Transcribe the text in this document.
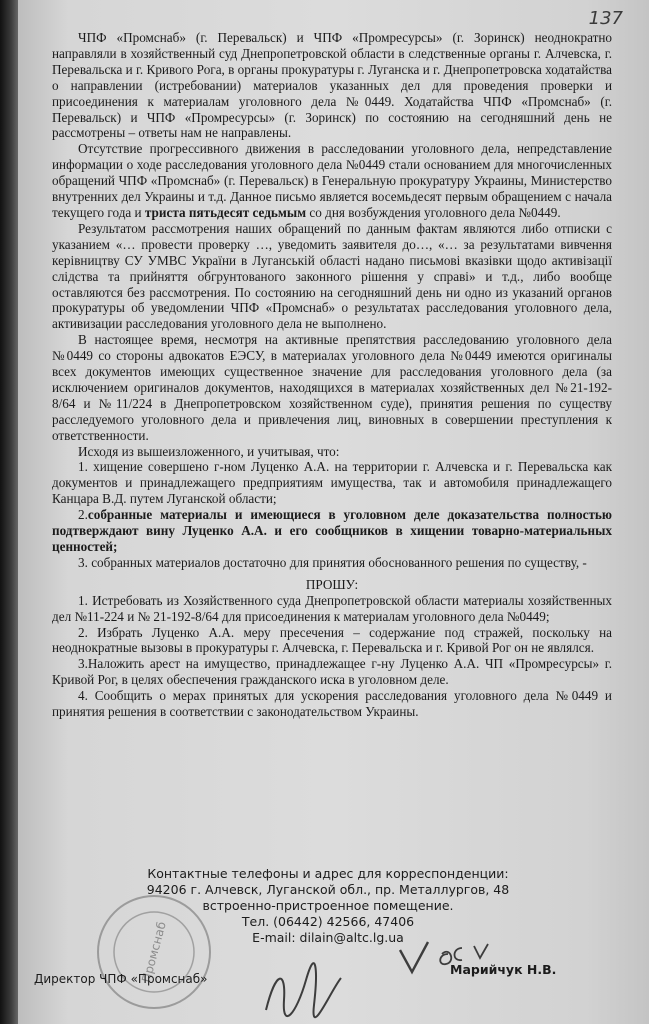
137

ЧПФ «Промснаб» (г. Перевальск) и ЧПФ «Промресурсы» (г. Зоринск) неоднократно направляли в хозяйственный суд Днепропетровской области в следственные органы г. Алчевска, г. Перевальска и г. Кривого Рога, в органы прокуратуры г. Луганска и г. Днепропетровска ходатайства о направлении (истребовании) материалов указанных дел для проведения проверки и присоединения к материалам уголовного дела №0449. Ходатайства ЧПФ «Промснаб» (г. Перевальск) и ЧПФ «Промресурсы» (г. Зоринск) по состоянию на сегодняшний день не рассмотрены – ответы нам не направлены.

Отсутствие прогрессивного движения в расследовании уголовного дела, непредставление информации о ходе расследования уголовного дела №0449 стали основанием для многочисленных обращений ЧПФ «Промснаб» (г. Перевальск) в Генеральную прокуратуру Украины, Министерство внутренних дел Украины и т.д. Данное письмо является восемьдесят первым обращением с начала текущего года и триста пятьдесят седьмым со дня возбуждения уголовного дела №0449.

Результатом рассмотрения наших обращений по данным фактам являются либо отписки с указанием «… провести проверку …, уведомить заявителя до…, «… за результатами вивчення керівництву СУ УМВС України в Луганській області надано письмові вказівки щодо активізації слідства та прийняття обгрунтованого законного рішення у справі» и т.д., либо вообще оставляются без рассмотрения. По состоянию на сегодняшний день ни одно из указаний органов прокуратуры об уведомлении ЧПФ «Промснаб» о результатах расследования уголовного дела, активизации расследования уголовного дела не выполнено.

В настоящее время, несмотря на активные препятствия расследованию уголовного дела №0449 со стороны адвокатов ЕЭСУ, в материалах уголовного дела №0449 имеются оригиналы всех документов имеющих существенное значение для расследования уголовного дела (за исключением оригиналов документов, находящихся в материалах хозяйственных дел №21-192-8/64 и №11/224 в Днепропетровском хозяйственном суде), принятия решения по существу расследуемого уголовного дела и привлечения лиц, виновных в совершении преступления к ответственности.

Исходя из вышеизложенного, и учитывая, что:

1. хищение совершено г-ном Луценко А.А. на территории г. Алчевска и г. Перевальска как документов и принадлежащего предприятиям имущества, так и автомобиля принадлежащего Канцара В.Д. путем Луганской области;

2.собранные материалы и имеющиеся в уголовном деле доказательства полностью подтверждают вину Луценко А.А. и его сообщников в хищении товарно-материальных ценностей;

3. собранных материалов достаточно для принятия обоснованного решения по существу, -

ПРОШУ:

1. Истребовать из Хозяйственного суда Днепропетровской области материалы хозяйственных дел №11-224 и № 21-192-8/64 для присоединения к материалам уголовного дела №0449;

2. Избрать Луценко А.А. меру пресечения – содержание под стражей, поскольку на неоднократные вызовы в прокуратуры г. Алчевска, г. Перевальска и г. Кривой Рог он не являлся.

3.Наложить арест на имущество, принадлежащее г-ну Луценко А.А. ЧП «Промресурсы» г. Кривой Рог, в целях обеспечения гражданского иска в уголовном деле.

4. Сообщить о мерах принятых для ускорения расследования уголовного дела №0449 и принятия решения в соответствии с законодательством Украины.

Контактные телефоны и адрес для корреспонденции:
94206 г. Алчевск, Луганской обл., пр. Металлургов, 48
встроенно-пристроенное помещение.
Тел. (06442) 42566, 47406
E-mail: dilain@altc.lg.ua
Промснаб
Директор ЧПФ «Промснаб»
Марийчук Н.В.
